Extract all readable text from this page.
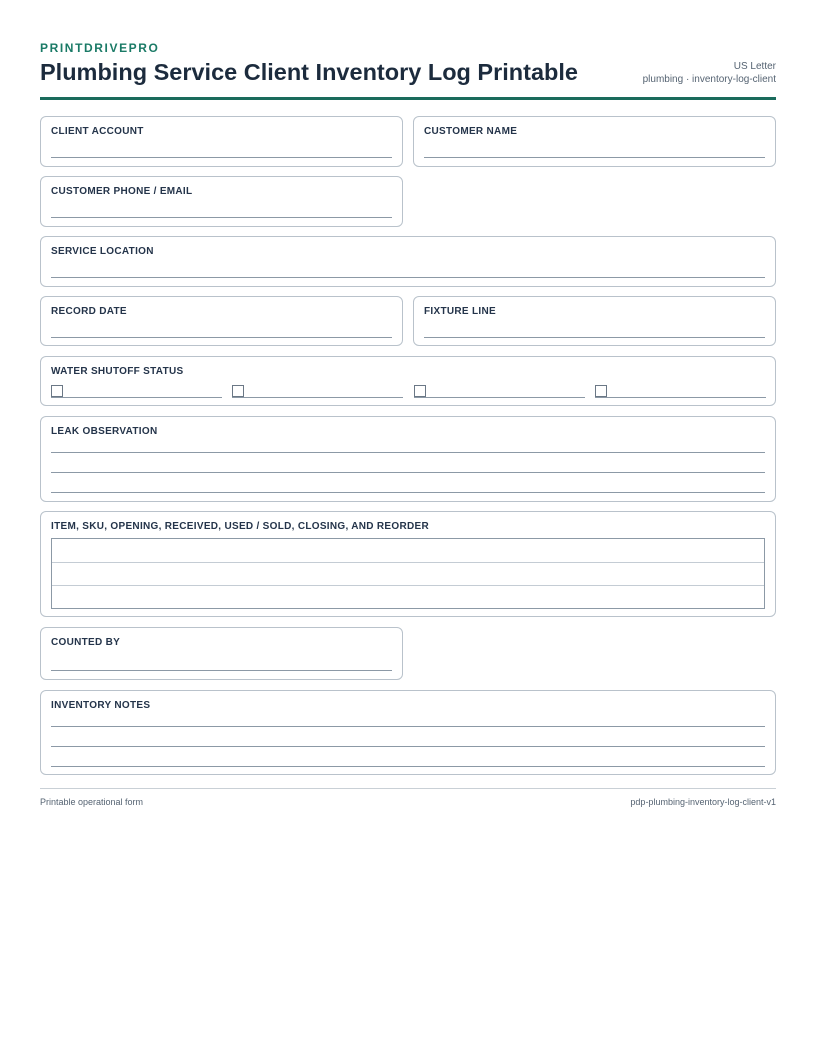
PRINTDRIVEPRO
Plumbing Service Client Inventory Log Printable	US Letter
plumbing · inventory-log-client
CLIENT ACCOUNT	CUSTOMER NAME
CUSTOMER PHONE / EMAIL
SERVICE LOCATION
RECORD DATE	FIXTURE LINE
WATER SHUTOFF STATUS
LEAK OBSERVATION
ITEM, SKU, OPENING, RECEIVED, USED / SOLD, CLOSING, AND REORDER
COUNTED BY
INVENTORY NOTES
Printable operational form	pdp-plumbing-inventory-log-client-v1
